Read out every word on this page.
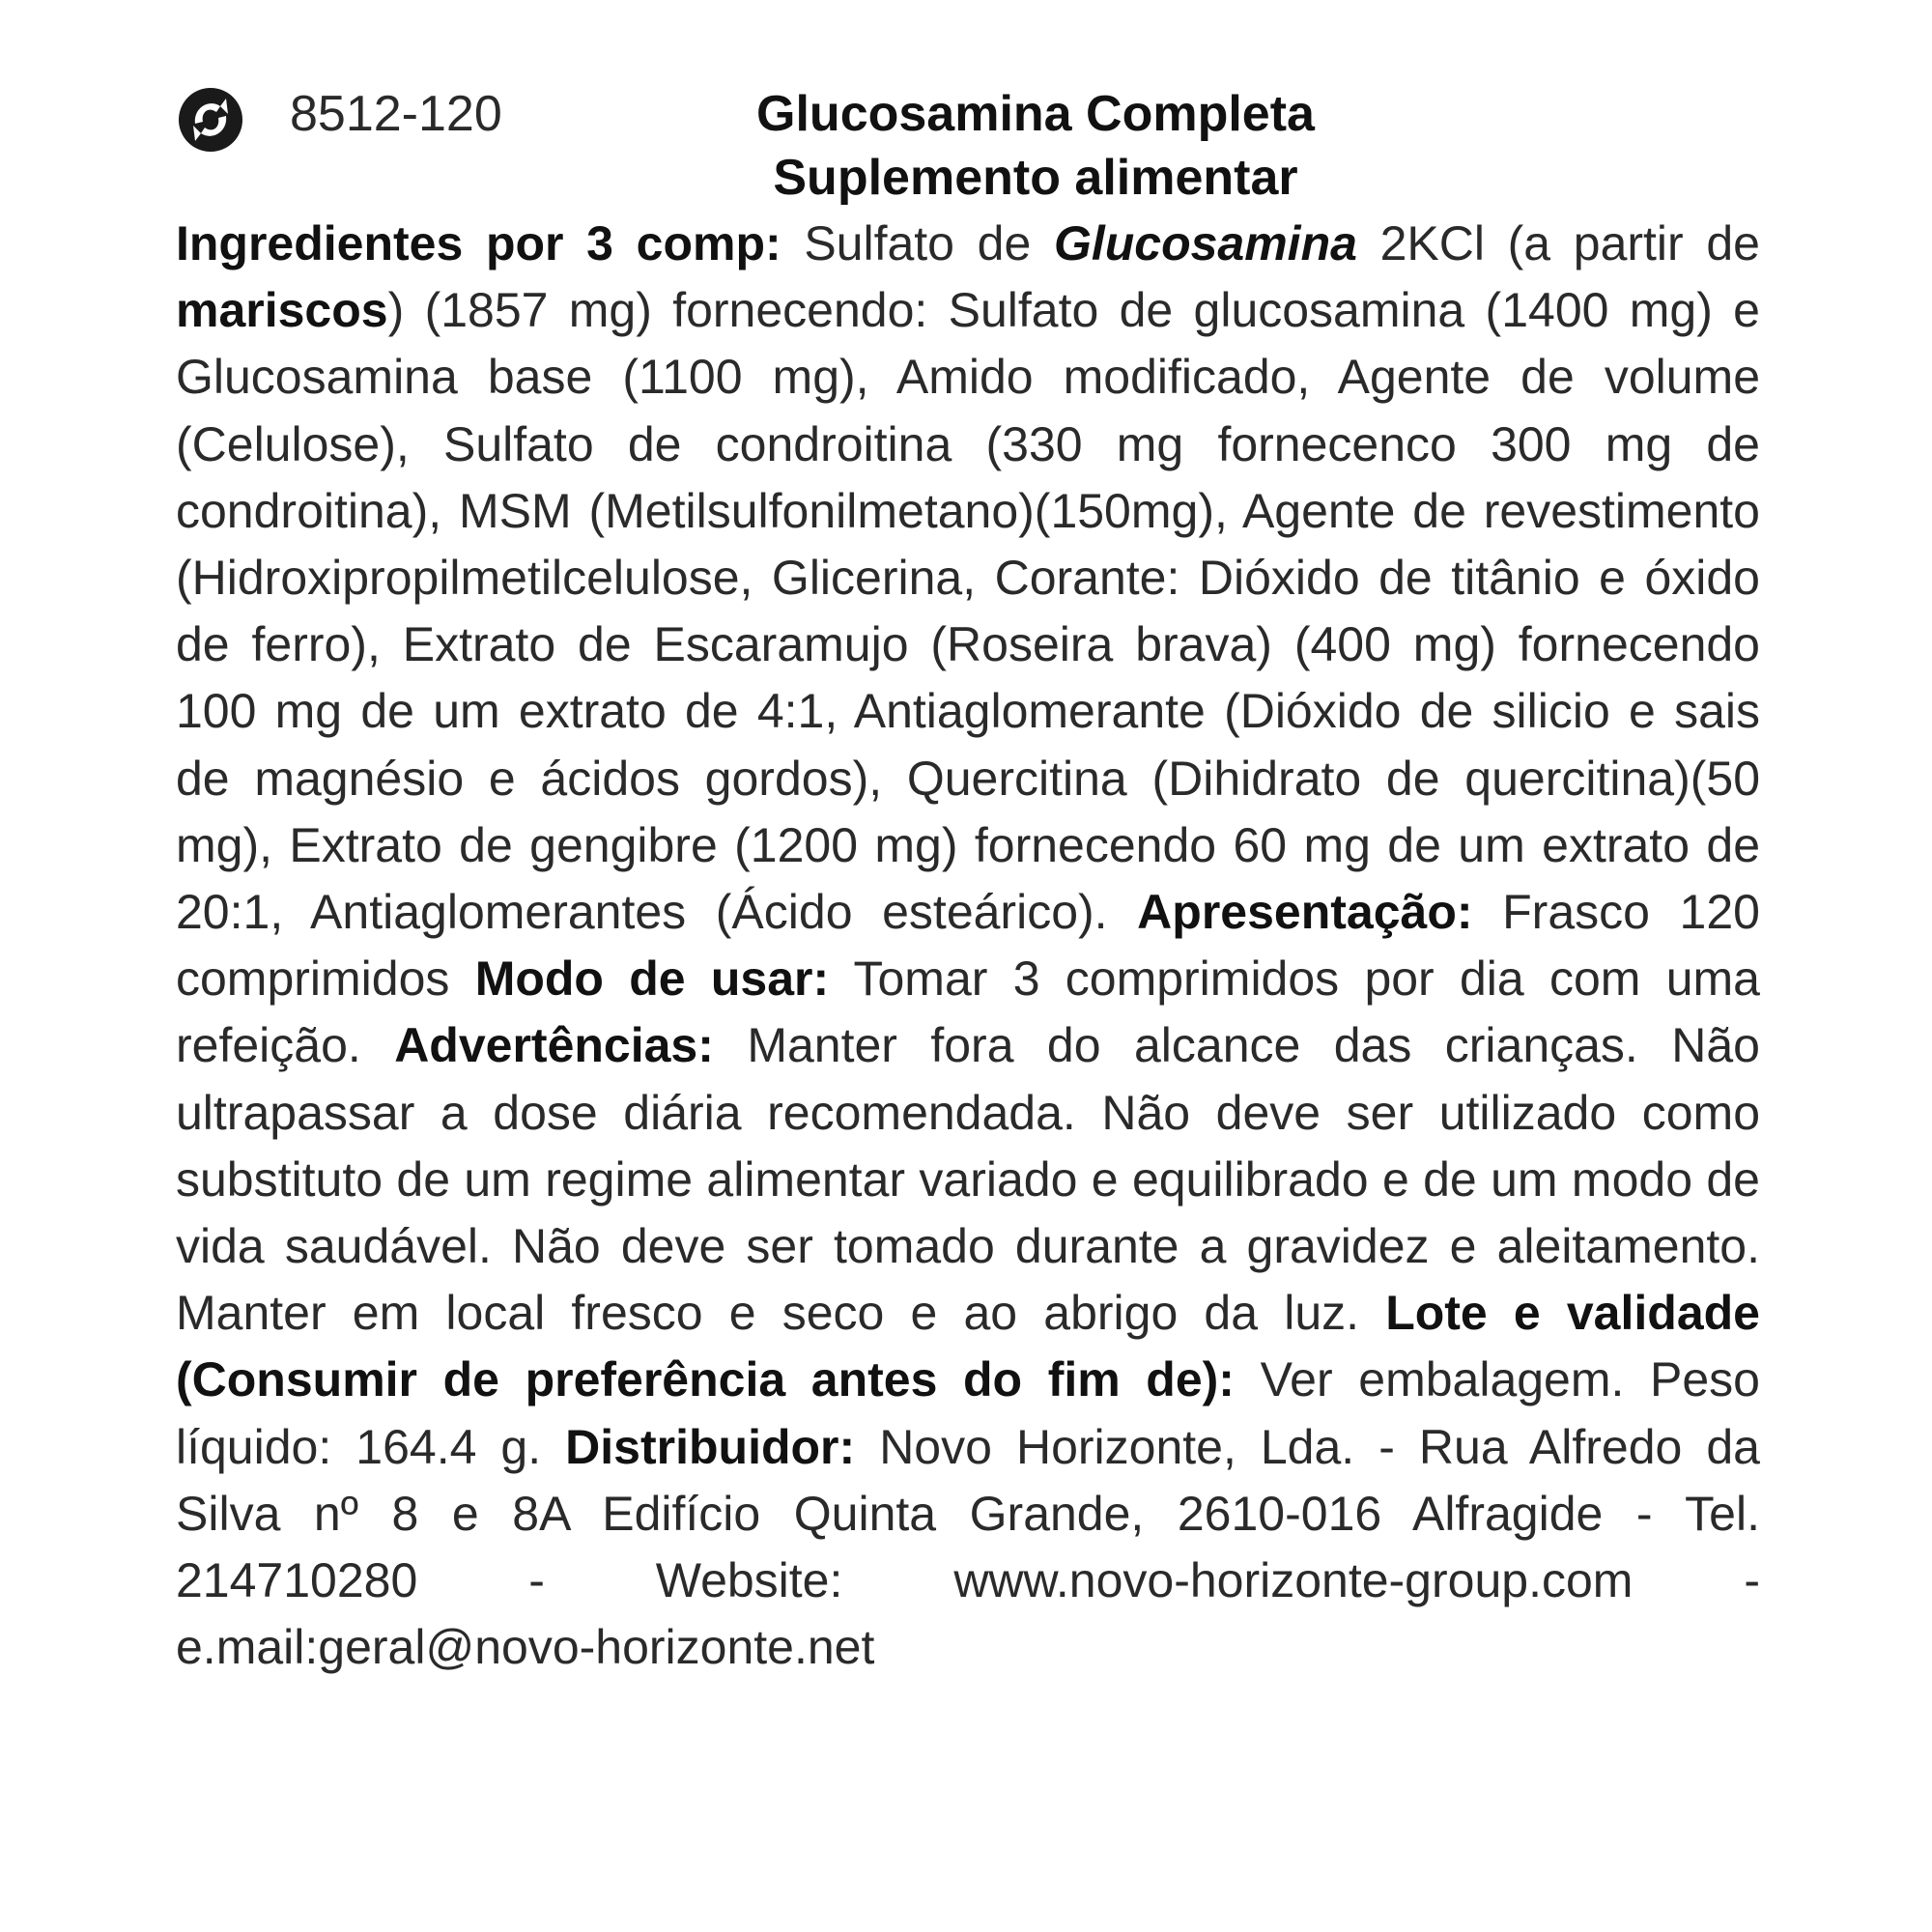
8512-120	Glucosamina Completa
Suplemento alimentar
Ingredientes por 3 comp: Sulfato de Glucosamina 2KCl (a partir de mariscos) (1857 mg) fornecendo: Sulfato de glucosamina (1400 mg) e Glucosamina base (1100 mg), Amido modificado, Agente de volume (Celulose), Sulfato de condroitina (330 mg fornecenco 300 mg de condroitina), MSM (Metilsulfonilmetano)(150mg), Agente de revestimento (Hidroxipropilmetilcelulose, Glicerina, Corante: Dióxido de titânio e óxido de ferro), Extrato de Escaramujo (Roseira brava) (400 mg) fornecendo 100 mg de um extrato de 4:1, Antiaglomerante (Dióxido de silicio e sais de magnésio e ácidos gordos), Quercitina (Dihidrato de quercitina)(50 mg), Extrato de gengibre (1200 mg) fornecendo 60 mg de um extrato de 20:1, Antiaglomerantes (Ácido esteárico). Apresentação: Frasco 120 comprimidos Modo de usar: Tomar 3 comprimidos por dia com uma refeição. Advertências: Manter fora do alcance das crianças. Não ultrapassar a dose diária recomendada. Não deve ser utilizado como substituto de um regime alimentar variado e equilibrado e de um modo de vida saudável. Não deve ser tomado durante a gravidez e aleitamento. Manter em local fresco e seco e ao abrigo da luz. Lote e validade (Consumir de preferência antes do fim de): Ver embalagem. Peso líquido: 164.4 g. Distribuidor: Novo Horizonte, Lda. - Rua Alfredo da Silva nº 8 e 8A Edifício Quinta Grande, 2610-016 Alfragide - Tel. 214710280 - Website: www.novo-horizonte-group.com - e.mail:geral@novo-horizonte.net
